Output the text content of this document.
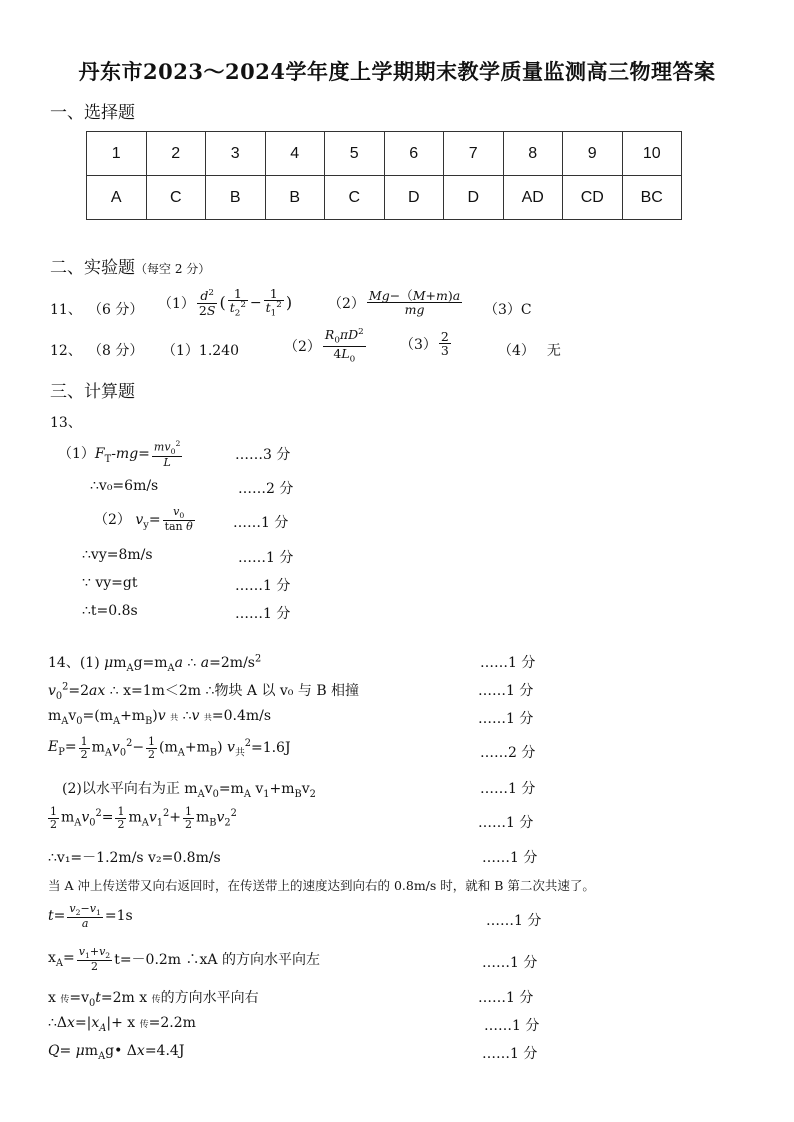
丹东市2023～2024学年度上学期期末教学质量监测高三物理答案
一、选择题
1	2	3	4	5	6	7	8	9	10
A	C	B	B	C	D	D	AD	CD	BC
二、实验题（每空 2 分）
11、 （6 分） $(1) \frac{d^2}{2S}$ ( $\frac{1}{t_2^2} - \frac{1}{t_1^2}$ )	$(2) \frac{Mg-(M+m)a}{mg} (3)C$
12、 （8 分） （1）1.240	$(2) \frac{R_0\pi D^2}{4L_0} (3) \frac{2}{3}$	（4） 无
三、计算题
13、
$(1)F_T-mg= \frac{mv_0^2}{L}$	……3 分
∴v₀=6m/s	……2 分
（2） $v_y= \frac{v_0}{\text{tan θ}}$	……1 分
∴vy=8m/s	……1 分
∵ vy=gt	……1 分
∴t=0.8s	……1 分
14、(1) $\mu m_Ag=m_Aa$ ∴ $a=2m/s^2$	……1 分
$v_0^2=2ax$ ∴ x=1m＜2m ∴物块 A 以 v₀ 与 B 相撞	……1 分
$m_Av_0=(m_A+m_B)v$ 共 ∴v 共=0.4m/s	……1 分
$E_P= \frac{1}{2} m_Av_0^2- \frac{1}{2} (m_A+m_B)$ $v_共^2 =1.6J$	……2 分
(2)以水平向右为正 $m_Av_0=m_A$ $v_1+m_Bv_2$	……1 分
$\frac{1}{2} m_Av_0^2= \frac{1}{2} m_Av_1^2+ \frac{1}{2} m_Bv_2^2$
……1 分
∴v₁=－1.2m/s v₂=0.8m/s	……1 分
当 A 冲上传送带又向右返回时，在传送带上的速度达到向右的 0.8m/s 时，就和 B 第二次共速了。
$t= \frac{v_2-v_1}{a} =1s$	……1 分
$x_A= \frac{v_1+v_2}{2} t=-0.2m$ ∴xA 的方向水平向左	……1 分
x 传$=v_0t=2m$ x 传的方向水平向右	……1 分
$\therefore\Delta x=|x_A|+ x$ 传=2.2m	……1 分
$Q= \mu m_Ag•$ Δx=4.4J	……1 分
